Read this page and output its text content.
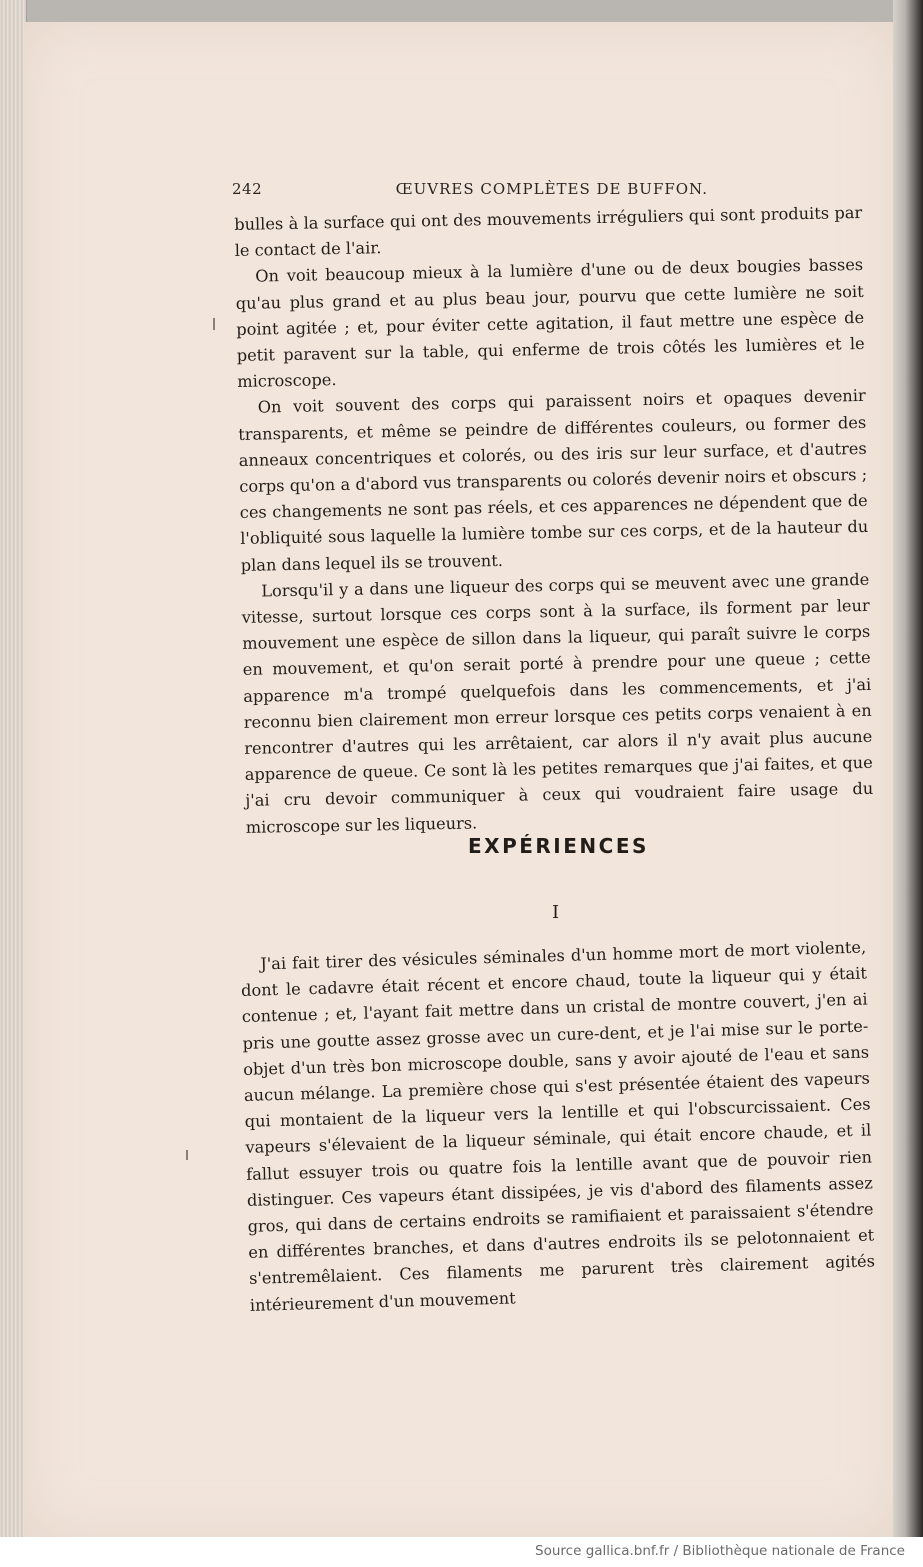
242	ŒUVRES COMPLÈTES DE BUFFON.

bulles à la surface qui ont des mouvements irréguliers qui sont produits par le contact de l'air.

On voit beaucoup mieux à la lumière d'une ou de deux bougies basses qu'au plus grand et au plus beau jour, pourvu que cette lumière ne soit point agitée ; et, pour éviter cette agitation, il faut mettre une espèce de petit paravent sur la table, qui enferme de trois côtés les lumières et le microscope.

On voit souvent des corps qui paraissent noirs et opaques devenir transparents, et même se peindre de différentes couleurs, ou former des anneaux concentriques et colorés, ou des iris sur leur surface, et d'autres corps qu'on a d'abord vus transparents ou colorés devenir noirs et obscurs ; ces changements ne sont pas réels, et ces apparences ne dépendent que de l'obliquité sous laquelle la lumière tombe sur ces corps, et de la hauteur du plan dans lequel ils se trouvent.

Lorsqu'il y a dans une liqueur des corps qui se meuvent avec une grande vitesse, surtout lorsque ces corps sont à la surface, ils forment par leur mouvement une espèce de sillon dans la liqueur, qui paraît suivre le corps en mouvement, et qu'on serait porté à prendre pour une queue ; cette apparence m'a trompé quelquefois dans les commencements, et j'ai reconnu bien clairement mon erreur lorsque ces petits corps venaient à en rencontrer d'autres qui les arrêtaient, car alors il n'y avait plus aucune apparence de queue. Ce sont là les petites remarques que j'ai faites, et que j'ai cru devoir communiquer à ceux qui voudraient faire usage du microscope sur les liqueurs.

EXPÉRIENCES
I

J'ai fait tirer des vésicules séminales d'un homme mort de mort violente, dont le cadavre était récent et encore chaud, toute la liqueur qui y était contenue ; et, l'ayant fait mettre dans un cristal de montre couvert, j'en ai pris une goutte assez grosse avec un cure-dent, et je l'ai mise sur le porte-objet d'un très bon microscope double, sans y avoir ajouté de l'eau et sans aucun mélange. La première chose qui s'est présentée étaient des vapeurs qui montaient de la liqueur vers la lentille et qui l'obscurcissaient. Ces vapeurs s'élevaient de la liqueur séminale, qui était encore chaude, et il fallut essuyer trois ou quatre fois la lentille avant que de pouvoir rien distinguer. Ces vapeurs étant dissipées, je vis d'abord des filaments assez gros, qui dans de certains endroits se ramifiaient et paraissaient s'étendre en différentes branches, et dans d'autres endroits ils se pelotonnaient et s'entremêlaient. Ces filaments me parurent très clairement agités intérieurement d'un mouvement

Source gallica.bnf.fr / Bibliothèque nationale de France
